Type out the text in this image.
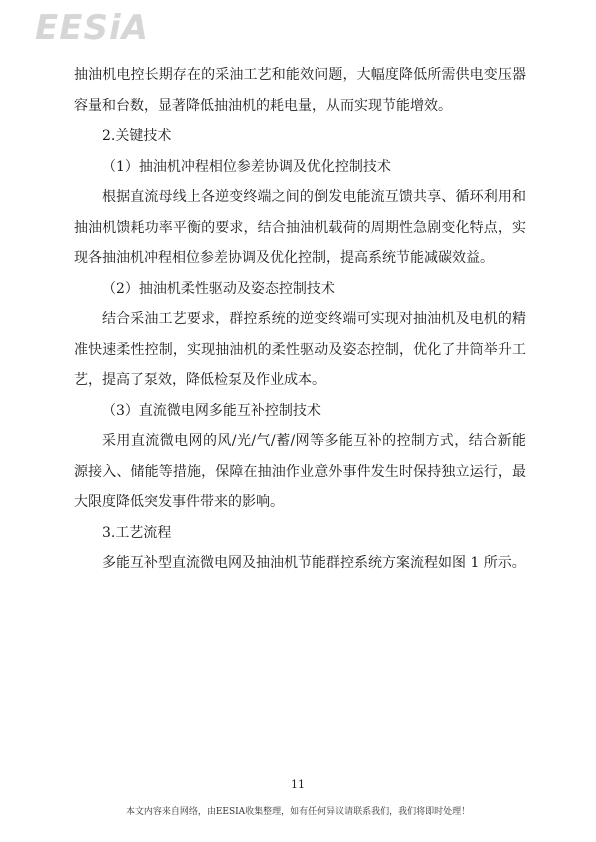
EESiA

抽油机电控长期存在的采油工艺和能效问题，大幅度降低所需供电变压器容量和台数，显著降低抽油机的耗电量，从而实现节能增效。

2.关键技术

（1）抽油机冲程相位参差协调及优化控制技术

根据直流母线上各逆变终端之间的倒发电能流互馈共享、循环利用和抽油机馈耗功率平衡的要求，结合抽油机载荷的周期性急剧变化特点，实现各抽油机冲程相位参差协调及优化控制，提高系统节能减碳效益。

（2）抽油机柔性驱动及姿态控制技术

结合采油工艺要求，群控系统的逆变终端可实现对抽油机及电机的精准快速柔性控制，实现抽油机的柔性驱动及姿态控制，优化了井筒举升工艺，提高了泵效，降低检泵及作业成本。

（3）直流微电网多能互补控制技术

采用直流微电网的风/光/气/蓄/网等多能互补的控制方式，结合新能源接入、储能等措施，保障在抽油作业意外事件发生时保持独立运行，最大限度降低突发事件带来的影响。

3.工艺流程

多能互补型直流微电网及抽油机节能群控系统方案流程如图 1 所示。

11
本文内容来自网络，由EESIA收集整理，如有任何异议请联系我们，我们将即时处理！
